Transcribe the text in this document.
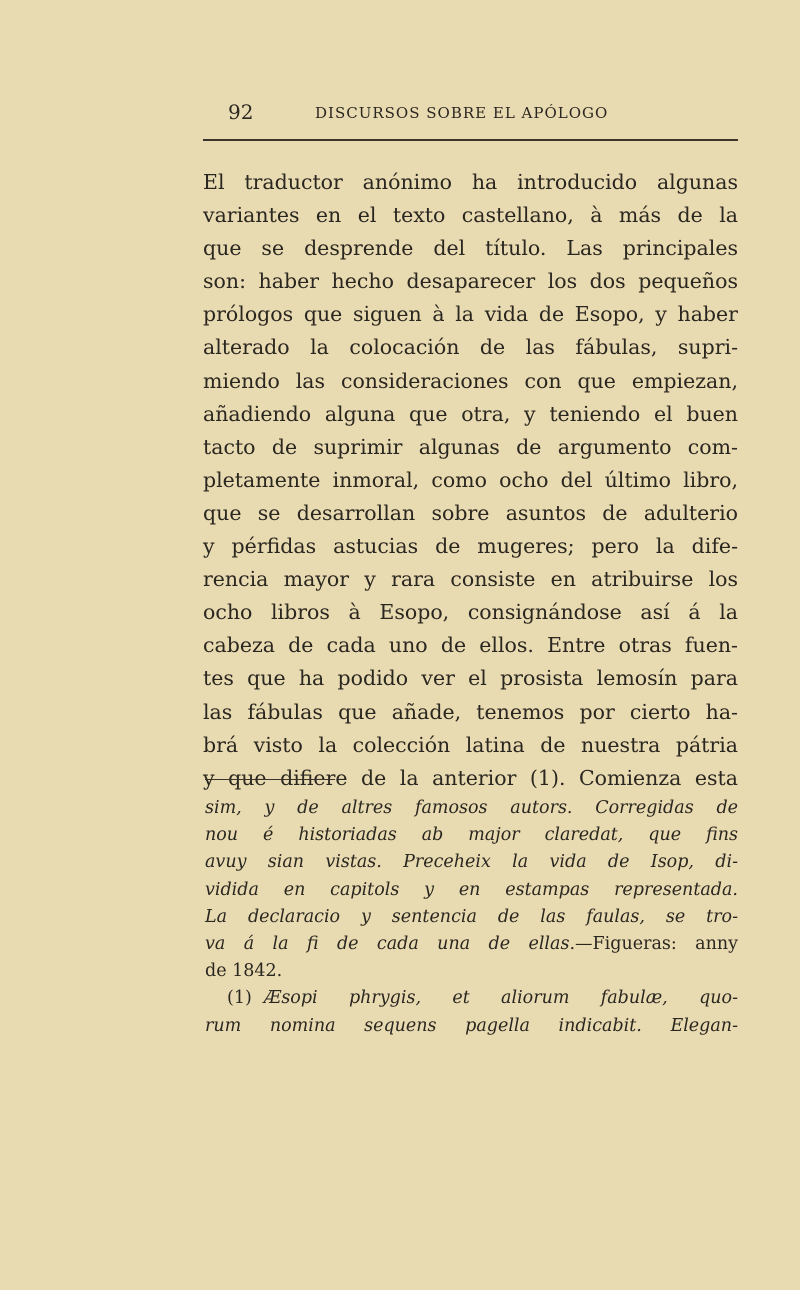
92	DISCURSOS SOBRE EL APÓLOGO
El traductor anónimo ha introducido algunas
variantes en el texto castellano, à más de la
que se desprende del título. Las principales
son: haber hecho desaparecer los dos pequeños
prólogos que siguen à la vida de Esopo, y haber
alterado la colocación de las fábulas, supri-
miendo las consideraciones con que empiezan,
añadiendo alguna que otra, y teniendo el buen
tacto de suprimir algunas de argumento com-
pletamente inmoral, como ocho del último libro,
que se desarrollan sobre asuntos de adulterio
y pérfidas astucias de mugeres; pero la dife-
rencia mayor y rara consiste en atribuirse los
ocho libros à Esopo, consignándose así á la
cabeza de cada uno de ellos. Entre otras fuen-
tes que ha podido ver el prosista lemosín para
las fábulas que añade, tenemos por cierto ha-
brá visto la colección latina de nuestra pátria
y que difiere de la anterior (1). Comienza esta
sim, y de altres famosos autors. Corregidas de
nou é historiadas ab major claredat, que fins
avuy sian vistas. Preceheix la vida de Isop, di-
vidida en capitols y en estampas representada.
La declaracio y sentencia de las faulas, se tro-
va á la fi de cada una de ellas.—Figueras: anny
de 1842.
(1) Æsopi phrygis, et aliorum fabulæ, quo-
rum nomina sequens pagella indicabit. Elegan-
